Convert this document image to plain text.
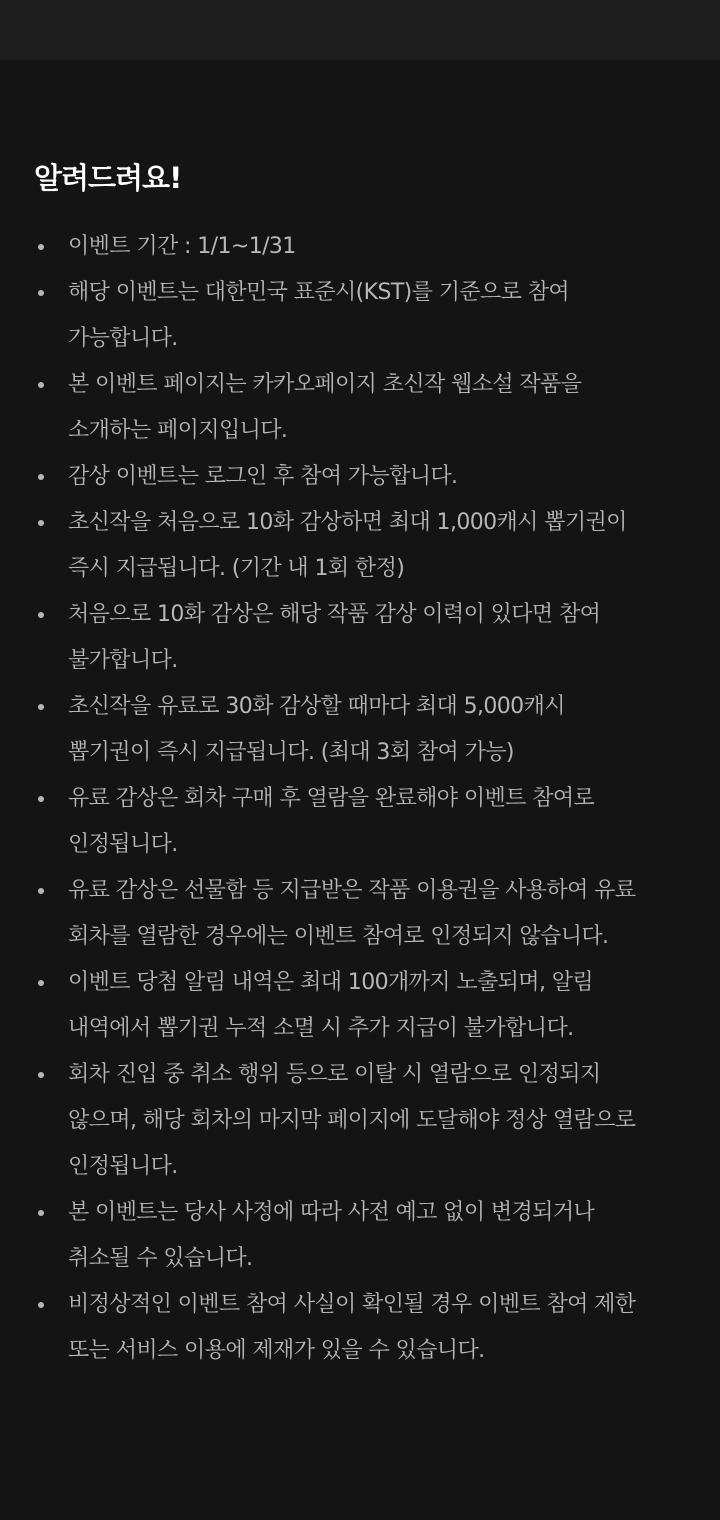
알려드려요!
이벤트 기간 : 1/1~1/31
해당 이벤트는 대한민국 표준시(KST)를 기준으로 참여
가능합니다.
본 이벤트 페이지는 카카오페이지 초신작 웹소설 작품을
소개하는 페이지입니다.
감상 이벤트는 로그인 후 참여 가능합니다.
초신작을 처음으로 10화 감상하면 최대 1,000캐시 뽑기권이
즉시 지급됩니다. (기간 내 1회 한정)
처음으로 10화 감상은 해당 작품 감상 이력이 있다면 참여
불가합니다.
초신작을 유료로 30화 감상할 때마다 최대 5,000캐시
뽑기권이 즉시 지급됩니다. (최대 3회 참여 가능)
유료 감상은 회차 구매 후 열람을 완료해야 이벤트 참여로
인정됩니다.
유료 감상은 선물함 등 지급받은 작품 이용권을 사용하여 유료
회차를 열람한 경우에는 이벤트 참여로 인정되지 않습니다.
이벤트 당첨 알림 내역은 최대 100개까지 노출되며, 알림
내역에서 뽑기권 누적 소멸 시 추가 지급이 불가합니다.
회차 진입 중 취소 행위 등으로 이탈 시 열람으로 인정되지
않으며, 해당 회차의 마지막 페이지에 도달해야 정상 열람으로
인정됩니다.
본 이벤트는 당사 사정에 따라 사전 예고 없이 변경되거나
취소될 수 있습니다.
비정상적인 이벤트 참여 사실이 확인될 경우 이벤트 참여 제한
또는 서비스 이용에 제재가 있을 수 있습니다.
